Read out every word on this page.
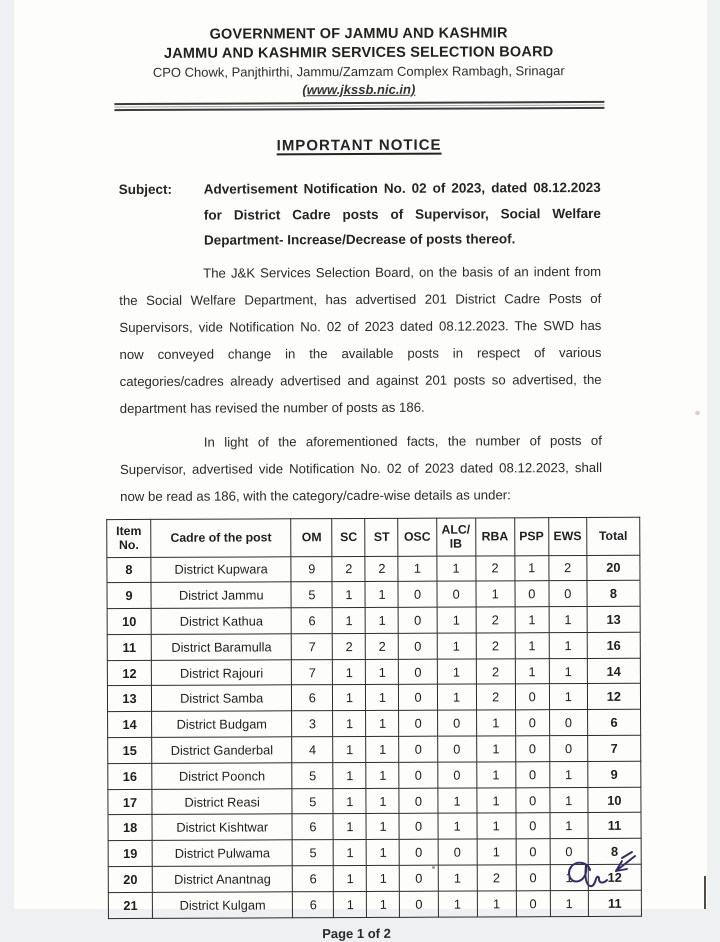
GOVERNMENT OF JAMMU AND KASHMIR
JAMMU AND KASHMIR SERVICES SELECTION BOARD
CPO Chowk, Panjthirthi, Jammu/Zamzam Complex Rambagh, Srinagar
(www.jkssb.nic.in)
IMPORTANT NOTICE
Subject:	Advertisement Notification No. 02 of 2023, dated 08.12.2023 for District Cadre posts of Supervisor, Social Welfare Department- Increase/Decrease of posts thereof.

The J&K Services Selection Board, on the basis of an indent from the Social Welfare Department, has advertised 201 District Cadre Posts of Supervisors, vide Notification No. 02 of 2023 dated 08.12.2023. The SWD has now conveyed change in the available posts in respect of various categories/cadres already advertised and against 201 posts so advertised, the department has revised the number of posts as 186.

In light of the aforementioned facts, the number of posts of Supervisor, advertised vide Notification No. 02 of 2023 dated 08.12.2023, shall now be read as 186, with the category/cadre-wise details as under:

Item No.	Cadre of the post	OM	SC	ST	OSC	ALC/ IB	RBA	PSP	EWS	Total
8	District Kupwara	9	2	2	1	1	2	1	2	20
9	District Jammu	5	1	1	0	0	1	0	0	8
10	District Kathua	6	1	1	0	1	2	1	1	13
11	District Baramulla	7	2	2	0	1	2	1	1	16
12	District Rajouri	7	1	1	0	1	2	1	1	14
13	District Samba	6	1	1	0	1	2	0	1	12
14	District Budgam	3	1	1	0	0	1	0	0	6
15	District Ganderbal	4	1	1	0	0	1	0	0	7
16	District Poonch	5	1	1	0	0	1	0	1	9
17	District Reasi	5	1	1	0	1	1	0	1	10
18	District Kishtwar	6	1	1	0	1	1	0	1	11
19	District Pulwama	5	1	1	0	0	1	0	0	8
20	District Anantnag	6	1	1	0	1	2	0	1	12
21	District Kulgam	6	1	1	0	1	1	0	1	11
Page 1 of 2
